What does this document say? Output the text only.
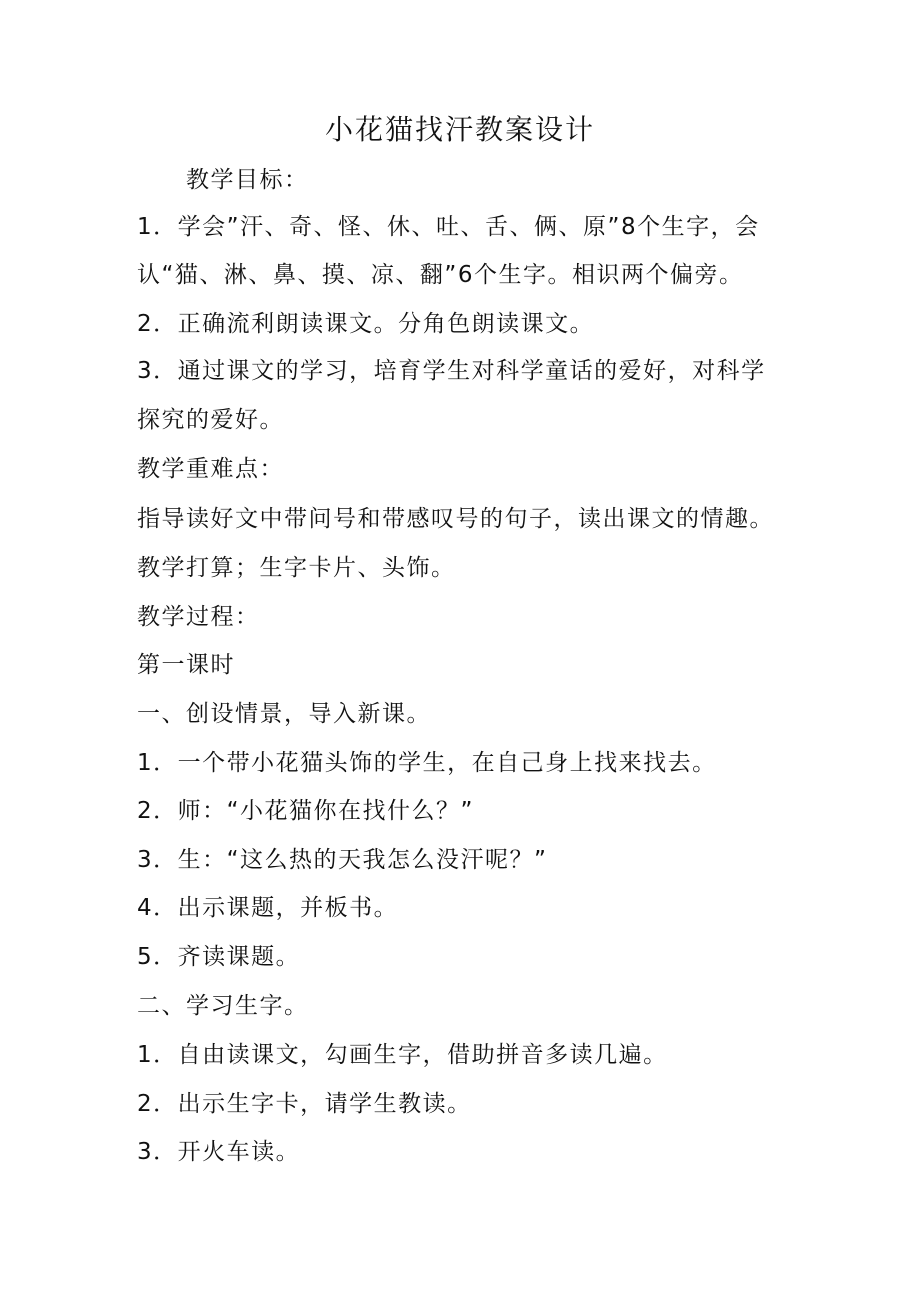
小花猫找汗教案设计
教学目标：
1．学会”汗、奇、怪、休、吐、舌、俩、原”8个生字，会
认“猫、淋、鼻、摸、凉、翻”6个生字。相识两个偏旁。
2．正确流利朗读课文。分角色朗读课文。
3．通过课文的学习，培育学生对科学童话的爱好，对科学
探究的爱好。
教学重难点：
指导读好文中带问号和带感叹号的句子，读出课文的情趣。
教学打算；生字卡片、头饰。
教学过程：
第一课时
一、创设情景，导入新课。
1．一个带小花猫头饰的学生，在自己身上找来找去。
2．师：“小花猫你在找什么？”
3．生：“这么热的天我怎么没汗呢？”
4．出示课题，并板书。
5．齐读课题。
二、学习生字。
1．自由读课文，勾画生字，借助拼音多读几遍。
2．出示生字卡，请学生教读。
3．开火车读。
